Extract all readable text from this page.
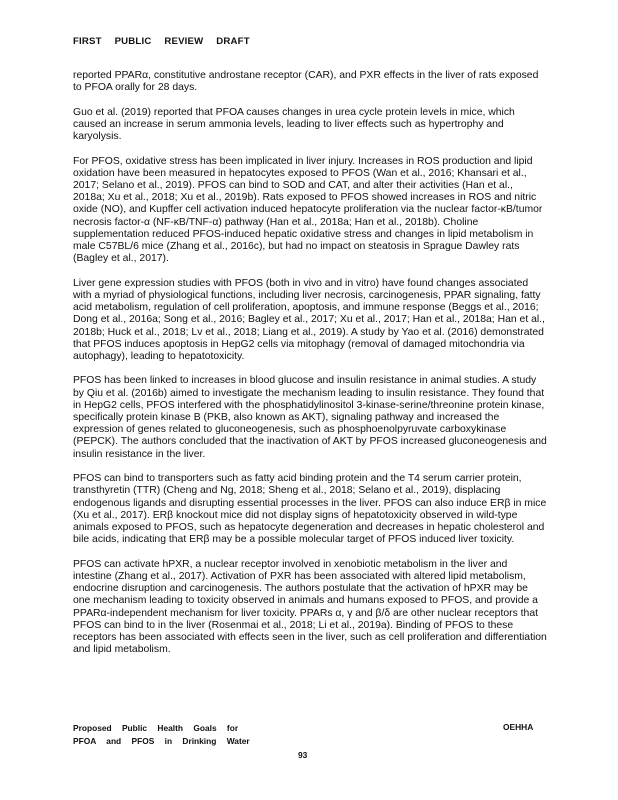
FIRST PUBLIC REVIEW DRAFT

reported PPARα, constitutive androstane receptor (CAR), and PXR effects in the liver of rats exposed to PFOA orally for 28 days.

Guo et al. (2019) reported that PFOA causes changes in urea cycle protein levels in mice, which caused an increase in serum ammonia levels, leading to liver effects such as hypertrophy and karyolysis.

For PFOS, oxidative stress has been implicated in liver injury. Increases in ROS production and lipid oxidation have been measured in hepatocytes exposed to PFOS (Wan et al., 2016; Khansari et al., 2017; Selano et al., 2019). PFOS can bind to SOD and CAT, and alter their activities (Han et al., 2018a; Xu et al., 2018; Xu et al., 2019b). Rats exposed to PFOS showed increases in ROS and nitric oxide (NO), and Kupffer cell activation induced hepatocyte proliferation via the nuclear factor-κB/tumor necrosis factor-α (NF-κB/TNF-α) pathway (Han et al., 2018a; Han et al., 2018b). Choline supplementation reduced PFOS-induced hepatic oxidative stress and changes in lipid metabolism in male C57BL/6 mice (Zhang et al., 2016c), but had no impact on steatosis in Sprague Dawley rats (Bagley et al., 2017).

Liver gene expression studies with PFOS (both in vivo and in vitro) have found changes associated with a myriad of physiological functions, including liver necrosis, carcinogenesis, PPAR signaling, fatty acid metabolism, regulation of cell proliferation, apoptosis, and immune response (Beggs et al., 2016; Dong et al., 2016a; Song et al., 2016; Bagley et al., 2017; Xu et al., 2017; Han et al., 2018a; Han et al., 2018b; Huck et al., 2018; Lv et al., 2018; Liang et al., 2019). A study by Yao et al. (2016) demonstrated that PFOS induces apoptosis in HepG2 cells via mitophagy (removal of damaged mitochondria via autophagy), leading to hepatotoxicity.

PFOS has been linked to increases in blood glucose and insulin resistance in animal studies. A study by Qiu et al. (2016b) aimed to investigate the mechanism leading to insulin resistance. They found that in HepG2 cells, PFOS interfered with the phosphatidylinositol 3-kinase-serine/threonine protein kinase, specifically protein kinase B (PKB, also known as AKT), signaling pathway and increased the expression of genes related to gluconeogenesis, such as phosphoenolpyruvate carboxykinase (PEPCK). The authors concluded that the inactivation of AKT by PFOS increased gluconeogenesis and insulin resistance in the liver.

PFOS can bind to transporters such as fatty acid binding protein and the T4 serum carrier protein, transthyretin (TTR) (Cheng and Ng, 2018; Sheng et al., 2018; Selano et al., 2019), displacing endogenous ligands and disrupting essential processes in the liver. PFOS can also induce ERβ in mice (Xu et al., 2017). ERβ knockout mice did not display signs of hepatotoxicity observed in wild-type animals exposed to PFOS, such as hepatocyte degeneration and decreases in hepatic cholesterol and bile acids, indicating that ERβ may be a possible molecular target of PFOS induced liver toxicity.

PFOS can activate hPXR, a nuclear receptor involved in xenobiotic metabolism in the liver and intestine (Zhang et al., 2017). Activation of PXR has been associated with altered lipid metabolism, endocrine disruption and carcinogenesis. The authors postulate that the activation of hPXR may be one mechanism leading to toxicity observed in animals and humans exposed to PFOS, and provide a PPARα-independent mechanism for liver toxicity. PPARs α, γ and β/δ are other nuclear receptors that PFOS can bind to in the liver (Rosenmai et al., 2018; Li et al., 2019a). Binding of PFOS to these receptors has been associated with effects seen in the liver, such as cell proliferation and differentiation and lipid metabolism.

Proposed Public Health Goals for
PFOA and PFOS in Drinking Water
OEHHA
93
